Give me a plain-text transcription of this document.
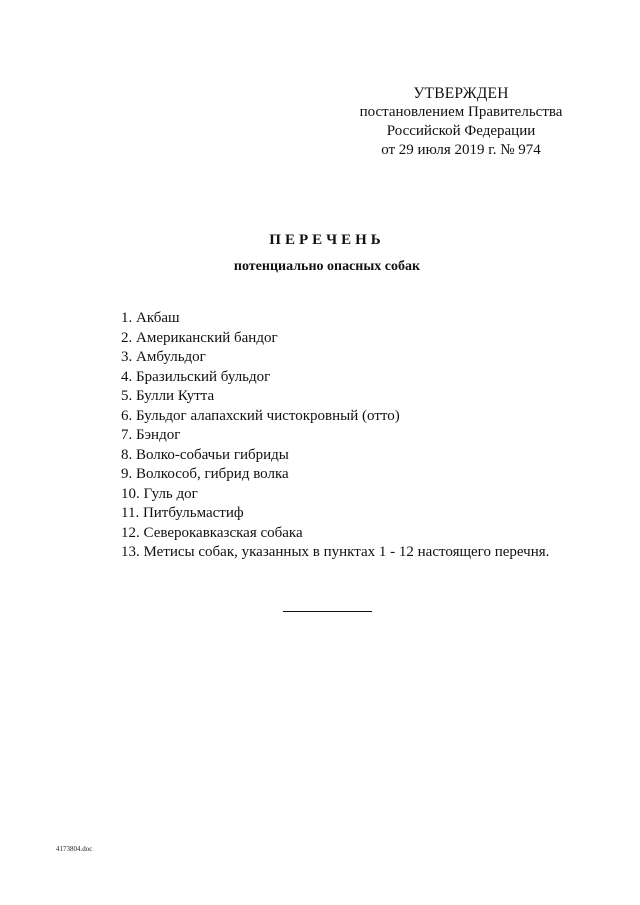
УТВЕРЖДЕН
постановлением Правительства
Российской Федерации
от 29 июля 2019 г. № 974
ПЕРЕЧЕНЬ
потенциально опасных собак
1. Акбаш
2. Американский бандог
3. Амбульдог
4. Бразильский бульдог
5. Булли Кутта
6. Бульдог алапахский чистокровный (отто)
7. Бэндог
8. Волко-собачьи гибриды
9. Волкособ, гибрид волка
10. Гуль дог
11. Питбульмастиф
12. Северокавказская собака
13. Метисы собак, указанных в пунктах 1 - 12 настоящего перечня.
4173804.doc
